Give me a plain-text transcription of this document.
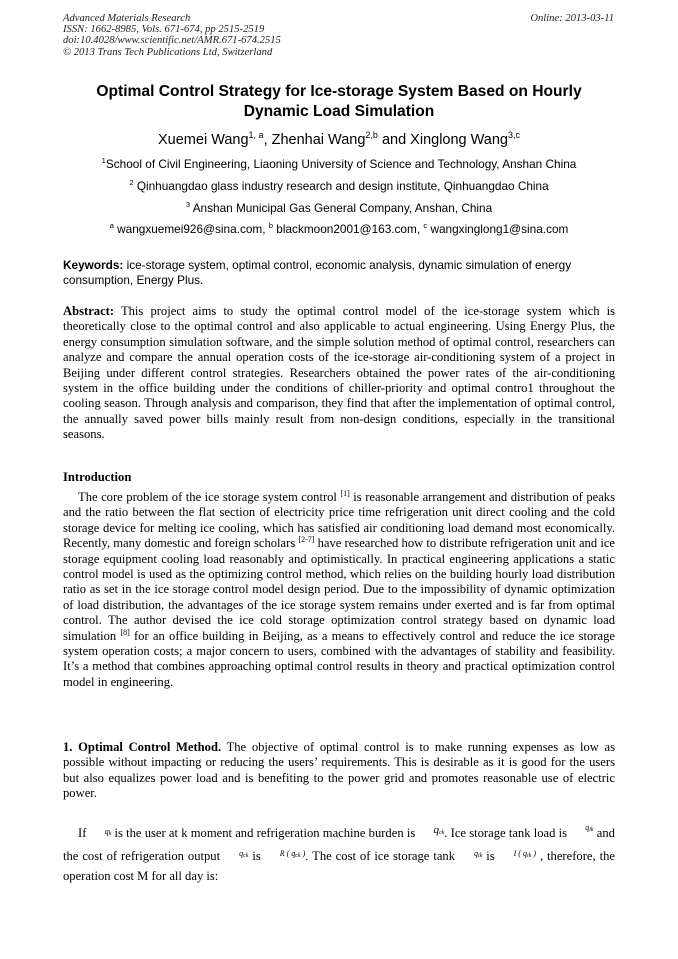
Advanced Materials Research
ISSN: 1662-8985, Vols. 671-674, pp 2515-2519
doi:10.4028/www.scientific.net/AMR.671-674.2515
© 2013 Trans Tech Publications Ltd, Switzerland
Online: 2013-03-11
Optimal Control Strategy for Ice-storage System Based on Hourly Dynamic Load Simulation
Xuemei Wang$^{1, a}$, Zhenhai Wang$^{2,b}$ and Xinglong Wang$^{3,c}$
$^1$School of Civil Engineering, Liaoning University of Science and Technology, Anshan China
$^2$ Qinhuangdao glass industry research and design institute, Qinhuangdao China
$^3$ Anshan Municipal Gas General Company, Anshan, China
$^a$ wangxuemei926@sina.com, $^b$ blackmoon2001@163.com, $^c$ wangxinglong1@sina.com
Keywords: ice-storage system, optimal control, economic analysis, dynamic simulation of energy consumption, Energy Plus.
Abstract: This project aims to study the optimal control model of the ice-storage system which is theoretically close to the optimal control and also applicable to actual engineering. Using Energy Plus, the energy consumption simulation software, and the simple solution method of optimal control, researchers can analyze and compare the annual operation costs of the ice-storage air-conditioning system of a project in Beijing under different control strategies. Researchers obtained the power rates of the air-conditioning system in the office building under the conditions of chiller-priority and optimal contro1 throughout the cooling season. Through analysis and comparison, they find that after the implementation of optimal control, the annually saved power bills mainly result from non-design conditions, especially in the transitional seasons.
Introduction
The core problem of the ice storage system control [1] is reasonable arrangement and distribution of peaks and the ratio between the flat section of electricity price time refrigeration unit direct cooling and the cold storage device for melting ice cooling, which has satisfied air conditioning load demand most economically. Recently, many domestic and foreign scholars [2-7] have researched how to distribute refrigeration unit and ice storage equipment cooling load reasonably and optimistically. In practical engineering applications a static control model is used as the optimizing control method, which relies on the building hourly load distribution ratio as set in the ice storage control model design period. Due to the impossibility of dynamic optimization of load distribution, the advantages of the ice storage system remains under exerted and is far from optimal control. The author devised the ice cold storage optimization control strategy based on dynamic load simulation [8] for an office building in Beijing, as a means to effectively control and reduce the ice storage system operation costs; a major concern to users, combined with the advantages of stability and feasibility. It’s a method that combines approaching optimal control results in theory and practical optimization control model in engineering.
1. Optimal Control Method. The objective of optimal control is to make running expenses as low as possible without impacting or reducing the users’ requirements. This is desirable as it is good for the users but also equalizes power load and is benefiting to the power grid and promotes reasonable use of electric power.
If $q_k$ is the user at k moment and refrigeration machine burden is $q_{ck}$. Ice storage tank load is $q_{ik}$ and the cost of refrigeration output $q_{ck}$ is R ( $q_{ck}$ ). The cost of ice storage tank $q_{ik}$ is I ( $q_{ik}$ ) , therefore, the operation cost M for all day is:
